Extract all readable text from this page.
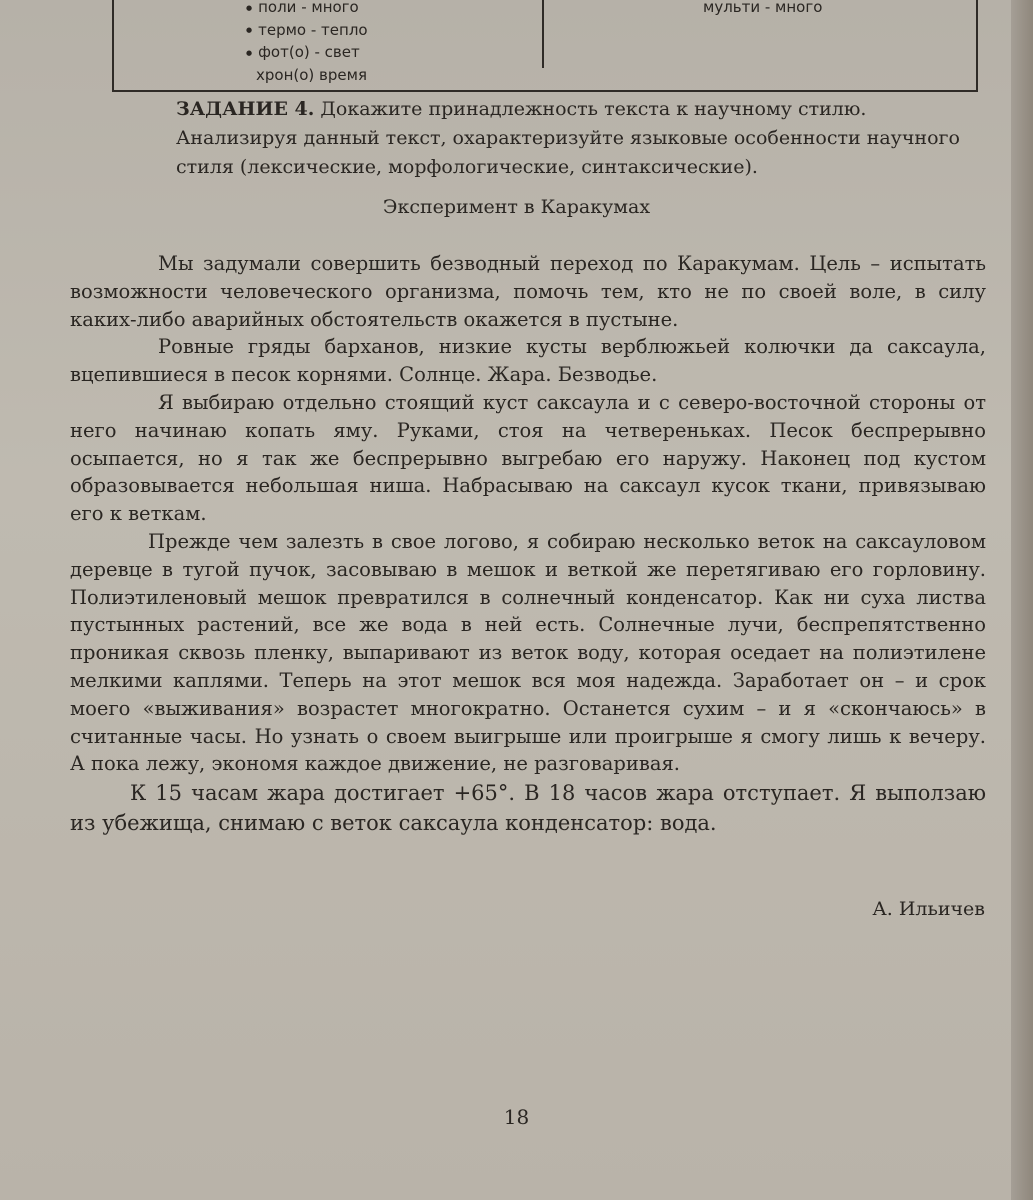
● поли - много
● термо - тепло
● фот(о) - свет
хрон(о) время
мульти - много
ЗАДАНИЕ 4. Докажите принадлежность текста к научному стилю. Анализируя данный текст, охарактеризуйте языковые особенности научного стиля (лексические, морфологические, синтаксические).
Эксперимент в Каракумах

Мы задумали совершить безводный переход по Каракумам. Цель – испытать возможности человеческого организма, помочь тем, кто не по своей воле, в силу каких-либо аварийных обстоятельств окажется в пустыне.

Ровные гряды барханов, низкие кусты верблюжьей колючки да саксаула, вцепившиеся в песок корнями. Солнце. Жара. Безводье.

Я выбираю отдельно стоящий куст саксаула и с северо-восточной стороны от него начинаю копать яму. Руками, стоя на четвереньках. Песок беспрерывно осыпается, но я так же беспрерывно выгребаю его наружу. Наконец под кустом образовывается небольшая ниша. Набрасываю на саксаул кусок ткани, привязываю его к веткам.

Прежде чем залезть в свое логово, я собираю несколько веток на саксауловом деревце в тугой пучок, засовываю в мешок и веткой же перетягиваю его горловину. Полиэтиленовый мешок превратился в солнечный конденсатор. Как ни суха листва пустынных растений, все же вода в ней есть. Солнечные лучи, беспрепятственно проникая сквозь пленку, выпаривают из веток воду, которая оседает на полиэтилене мелкими каплями. Теперь на этот мешок вся моя надежда. Заработает он – и срок моего «выживания» возрастет многократно. Останется сухим – и я «скончаюсь» в считанные часы. Но узнать о своем выигрыше или проигрыше я смогу лишь к вечеру. А пока лежу, экономя каждое движение, не разговаривая.

К 15 часам жара достигает +65°. В 18 часов жара отступает. Я выползаю из убежища, снимаю с веток саксаула конденсатор: вода.

А. Ильичев
18
